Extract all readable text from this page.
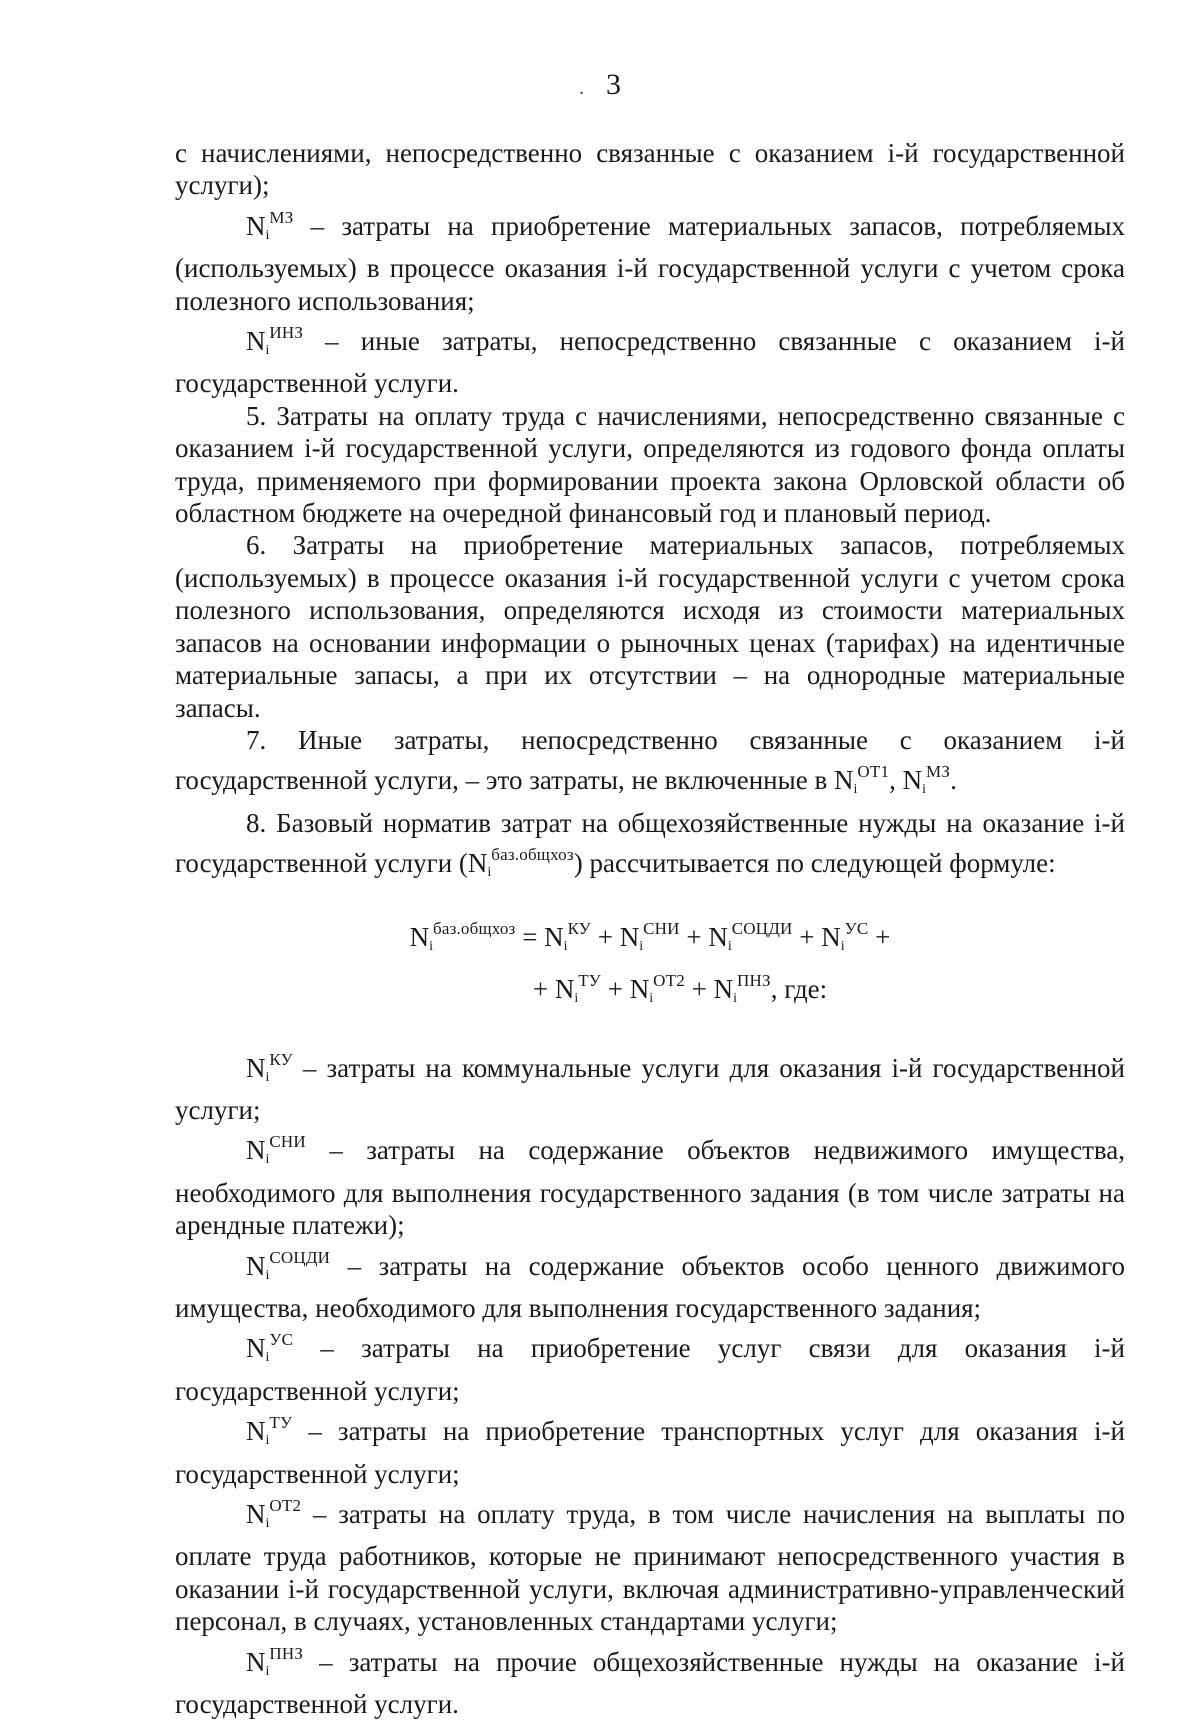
. 3

с начислениями, непосредственно связанные с оказанием i-й государственной услуги);

$N_i^{МЗ}$ – затраты на приобретение материальных запасов, потребляемых (используемых) в процессе оказания i-й государственной услуги с учетом срока полезного использования;

$N_i^{ИНЗ}$ – иные затраты, непосредственно связанные с оказанием i-й государственной услуги.

5. Затраты на оплату труда с начислениями, непосредственно связанные с оказанием i-й государственной услуги, определяются из годового фонда оплаты труда, применяемого при формировании проекта закона Орловской области об областном бюджете на очередной финансовый год и плановый период.

6. Затраты на приобретение материальных запасов, потребляемых (используемых) в процессе оказания i-й государственной услуги с учетом срока полезного использования, определяются исходя из стоимости материальных запасов на основании информации о рыночных ценах (тарифах) на идентичные материальные запасы, а при их отсутствии – на однородные материальные запасы.

7. Иные затраты, непосредственно связанные с оказанием i-й государственной услуги, – это затраты, не включенные в $N_i^{ОТ1}$, $N_i^{МЗ}$.

8. Базовый норматив затрат на общехозяйственные нужды на оказание i-й государственной услуги $(N_i^{баз.общхоз})$ рассчитывается по следующей формуле:

$N_i^{баз.общхоз} = N_i^{КУ} + N_i^{СНИ} + N_i^{СОЦДИ} + N_i^{УС}$ +
+ $N_i^{ТУ} + N_i^{ОТ2} + N_i^{ПНЗ}$, где:

$N_i^{КУ}$ – затраты на коммунальные услуги для оказания i-й государственной услуги;

$N_i^{СНИ}$ – затраты на содержание объектов недвижимого имущества, необходимого для выполнения государственного задания (в том числе затраты на арендные платежи);

$N_i^{СОЦДИ}$ – затраты на содержание объектов особо ценного движимого имущества, необходимого для выполнения государственного задания;

$N_i^{УС}$ – затраты на приобретение услуг связи для оказания i-й государственной услуги;

$N_i^{ТУ}$ – затраты на приобретение транспортных услуг для оказания i-й государственной услуги;

$N_i^{ОТ2}$ – затраты на оплату труда, в том числе начисления на выплаты по оплате труда работников, которые не принимают непосредственного участия в оказании i-й государственной услуги, включая административно-управленческий персонал, в случаях, установленных стандартами услуги;

$N_i^{ПНЗ}$ – затраты на прочие общехозяйственные нужды на оказание i-й государственной услуги.
